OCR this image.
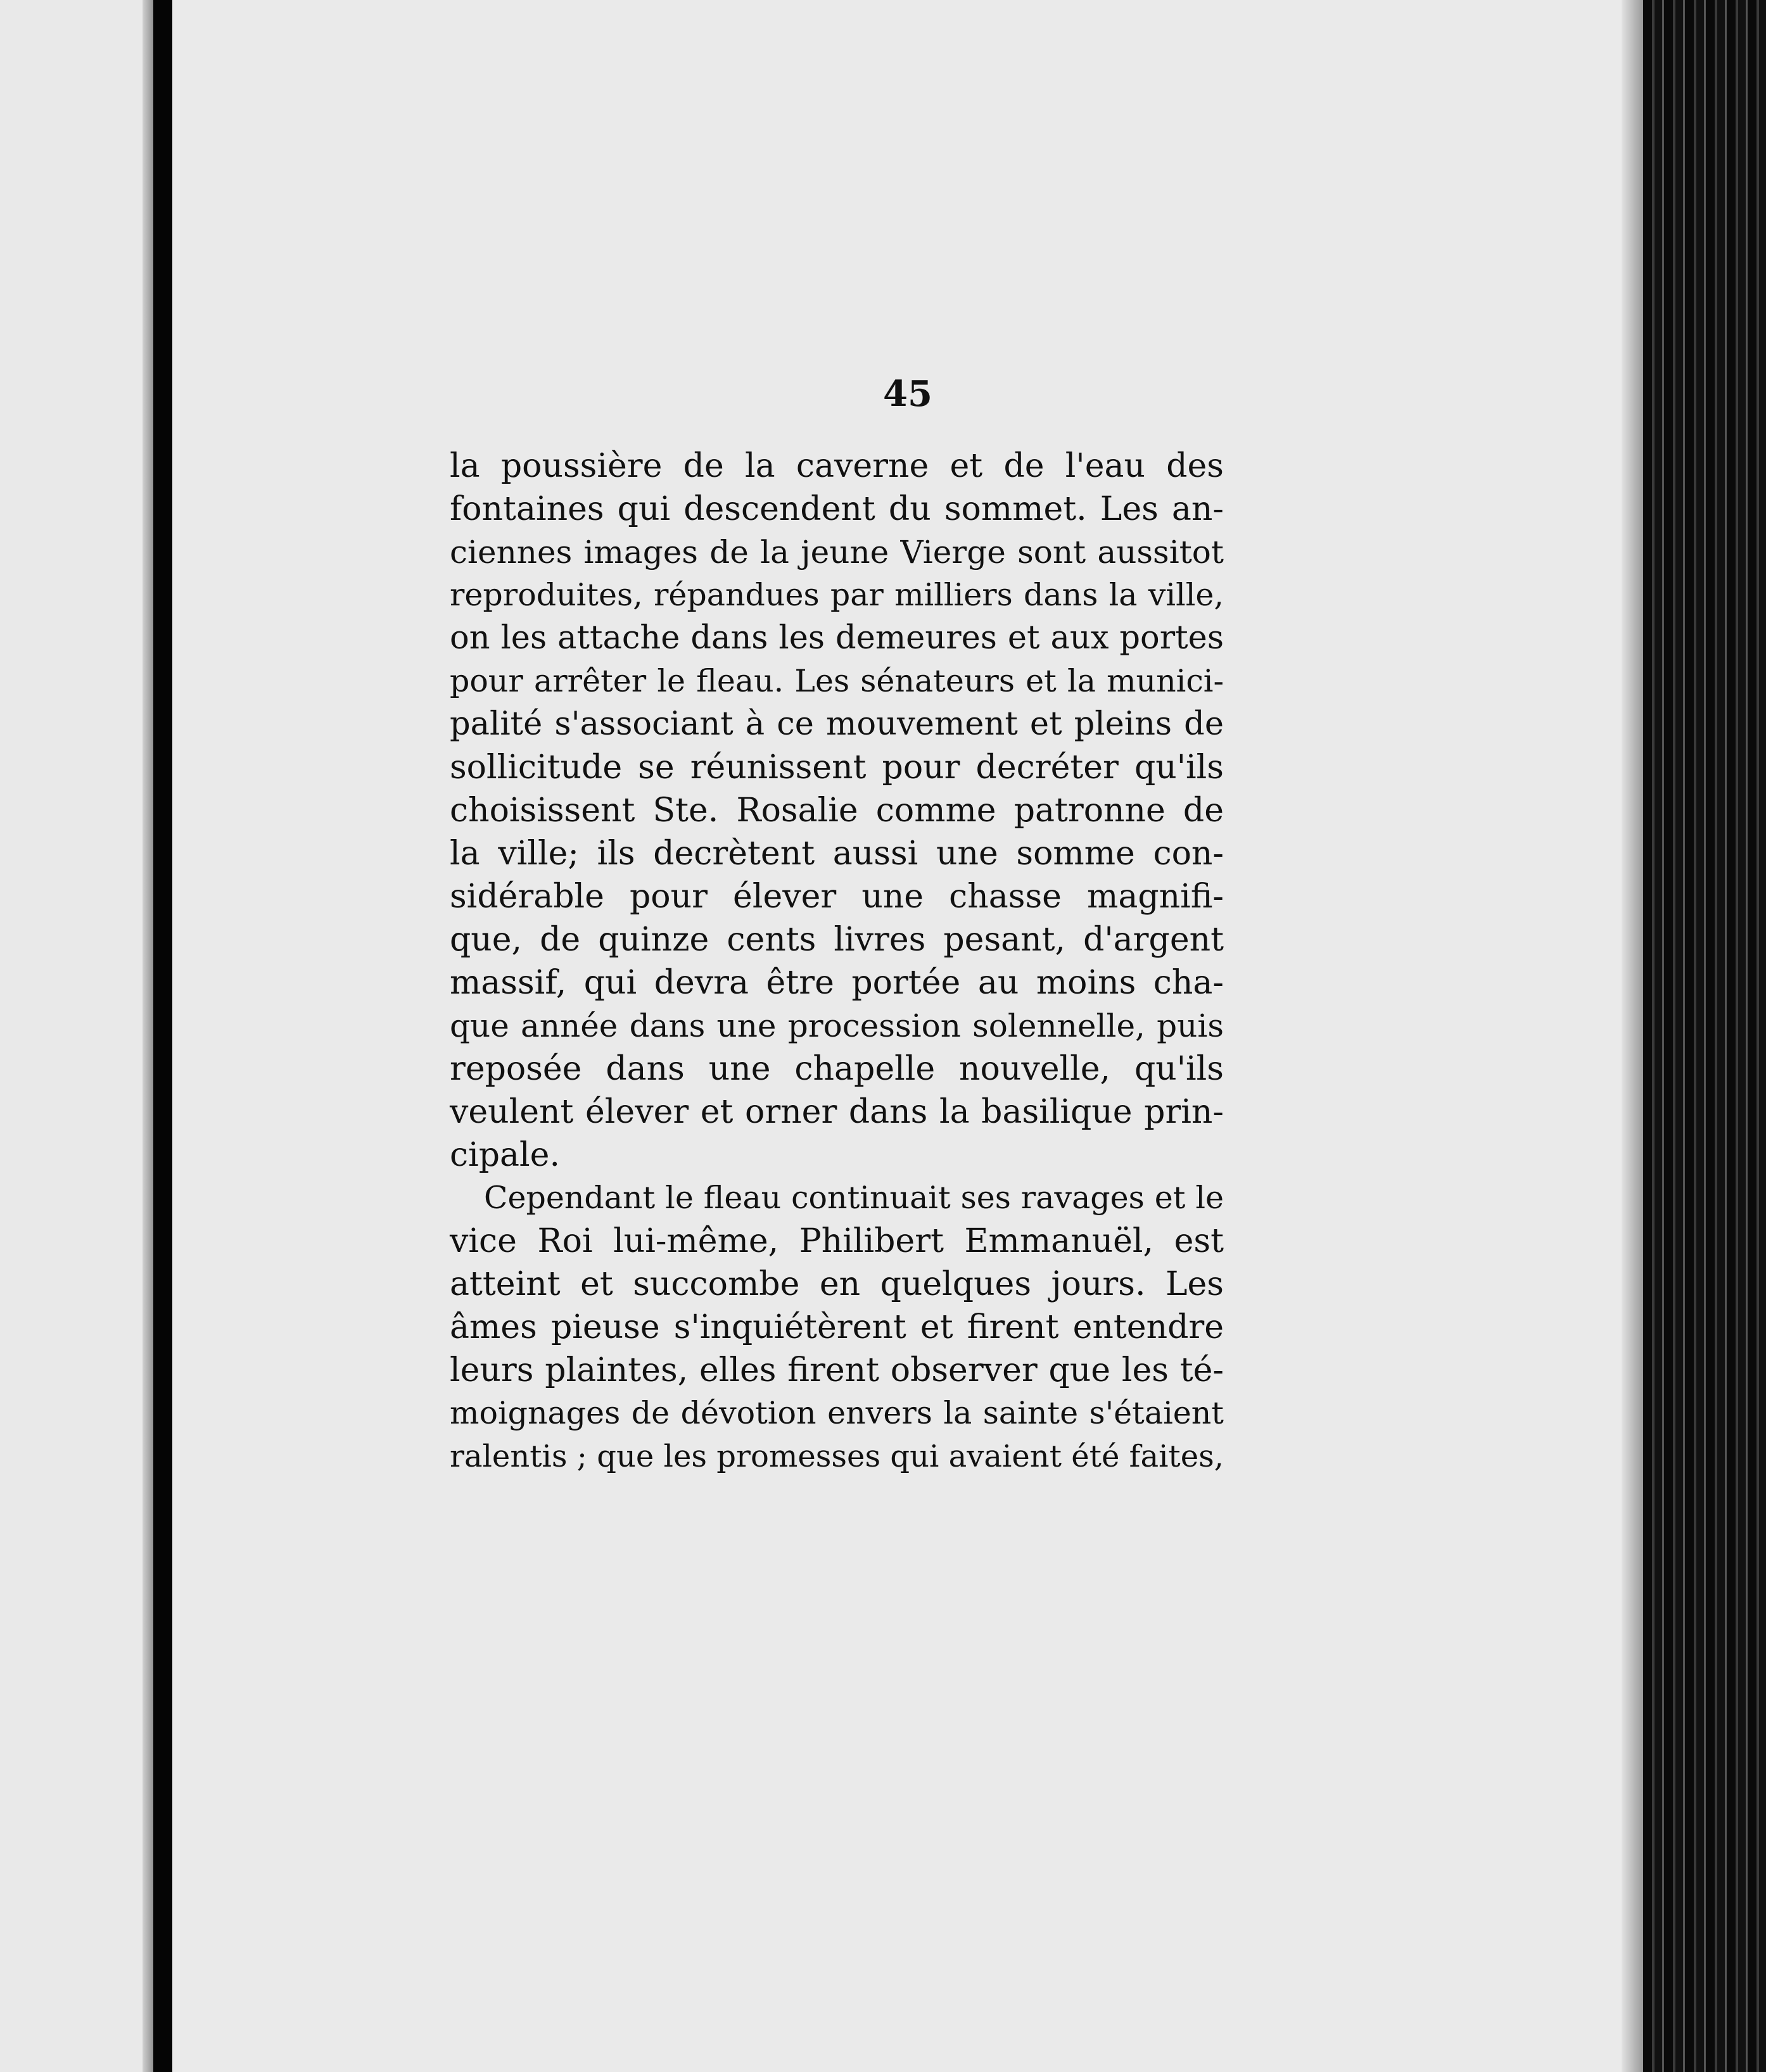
45
la poussière de la caverne et de l'eau des
fontaines qui descendent du sommet. Les an-
ciennes images de la jeune Vierge sont aussitot
reproduites, répandues par milliers dans la ville,
on les attache dans les demeures et aux portes
pour arrêter le fleau. Les sénateurs et la munici-
palité s'associant à ce mouvement et pleins de
sollicitude se réunissent pour decréter qu'ils
choisissent Ste. Rosalie comme patronne de
la ville; ils decrètent aussi une somme con-
sidérable pour élever une chasse magnifi-
que, de quinze cents livres pesant, d'argent
massif, qui devra être portée au moins cha-
que année dans une procession solennelle, puis
reposée dans une chapelle nouvelle, qu'ils
veulent élever et orner dans la basilique prin-
cipale.
Cependant le fleau continuait ses ravages et le
vice Roi lui-même, Philibert Emmanuël, est
atteint et succombe en quelques jours. Les
âmes pieuse s'inquiétèrent et firent entendre
leurs plaintes, elles firent observer que les té-
moignages de dévotion envers la sainte s'étaient
ralentis ; que les promesses qui avaient été faites,
